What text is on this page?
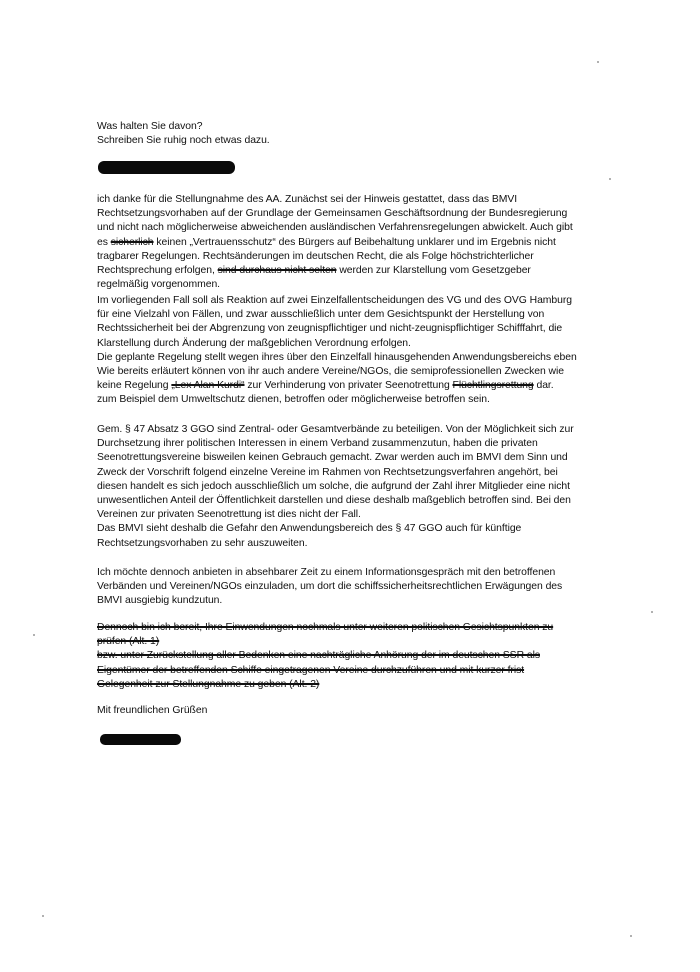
Was halten Sie davon?
Schreiben Sie ruhig noch etwas dazu.
ich danke für die Stellungnahme des AA. Zunächst sei der Hinweis gestattet, dass das BMVI
Rechtsetzungsvorhaben auf der Grundlage der Gemeinsamen Geschäftsordnung der Bundesregierung
und nicht nach möglicherweise abweichenden ausländischen Verfahrensregelungen abwickelt. Auch gibt
es sicherlich keinen „Vertrauensschutz“ des Bürgers auf Beibehaltung unklarer und im Ergebnis nicht
tragbarer Regelungen. Rechtsänderungen im deutschen Recht, die als Folge höchstrichterlicher
Rechtsprechung erfolgen, sind durchaus nicht selten werden zur Klarstellung vom Gesetzgeber
regelmäßig vorgenommen.
Im vorliegenden Fall soll als Reaktion auf zwei Einzelfallentscheidungen des VG und des OVG Hamburg
für eine Vielzahl von Fällen, und zwar ausschließlich unter dem Gesichtspunkt der Herstellung von
Rechtssicherheit bei der Abgrenzung von zeugnispflichtiger und nicht-zeugnispflichtiger Schifffahrt, die
Klarstellung durch Änderung der maßgeblichen Verordnung erfolgen.
Die geplante Regelung stellt wegen ihres über den Einzelfall hinausgehenden Anwendungsbereichs eben
Wie bereits erläutert können von ihr auch andere Vereine/NGOs, die semiprofessionellen Zwecken wie
keine Regelung „Lex Alan Kurdi“ zur Verhinderung von privater Seenotrettung Flüchtlingsrettung dar.
zum Beispiel dem Umweltschutz dienen, betroffen oder möglicherweise betroffen sein.

Gem. § 47 Absatz 3 GGO sind Zentral- oder Gesamtverbände zu beteiligen. Von der Möglichkeit sich zur
Durchsetzung ihrer politischen Interessen in einem Verband zusammenzutun, haben die privaten
Seenotrettungsvereine bisweilen keinen Gebrauch gemacht. Zwar werden auch im BMVI dem Sinn und
Zweck der Vorschrift folgend einzelne Vereine im Rahmen von Rechtsetzungsverfahren angehört, bei
diesen handelt es sich jedoch ausschließlich um solche, die aufgrund der Zahl ihrer Mitglieder eine nicht
unwesentlichen Anteil der Öffentlichkeit darstellen und diese deshalb maßgeblich betroffen sind. Bei den
Vereinen zur privaten Seenotrettung ist dies nicht der Fall.
Das BMVI sieht deshalb die Gefahr den Anwendungsbereich des § 47 GGO auch für künftige
Rechtsetzungsvorhaben zu sehr auszuweiten.

Ich möchte dennoch anbieten in absehbarer Zeit zu einem Informationsgespräch mit den betroffenen
Verbänden und Vereinen/NGOs einzuladen, um dort die schiffssicherheitsrechtlichen Erwägungen des
BMVI ausgiebig kundzutun.
Dennoch bin ich bereit, Ihre Einwendungen nochmals unter weiteren politischen Gesichtspunkten zu
prüfen (Alt. 1)
bzw. unter Zurückstellung aller Bedenken eine nachträgliche Anhörung der im deutschen SSR als
Eigentümer der betreffenden Schiffe eingetragenen Vereine durchzuführen und mit kurzer frist
Gelegenheit zur Stellungnahme zu geben (Alt. 2)
Mit freundlichen Grüßen
